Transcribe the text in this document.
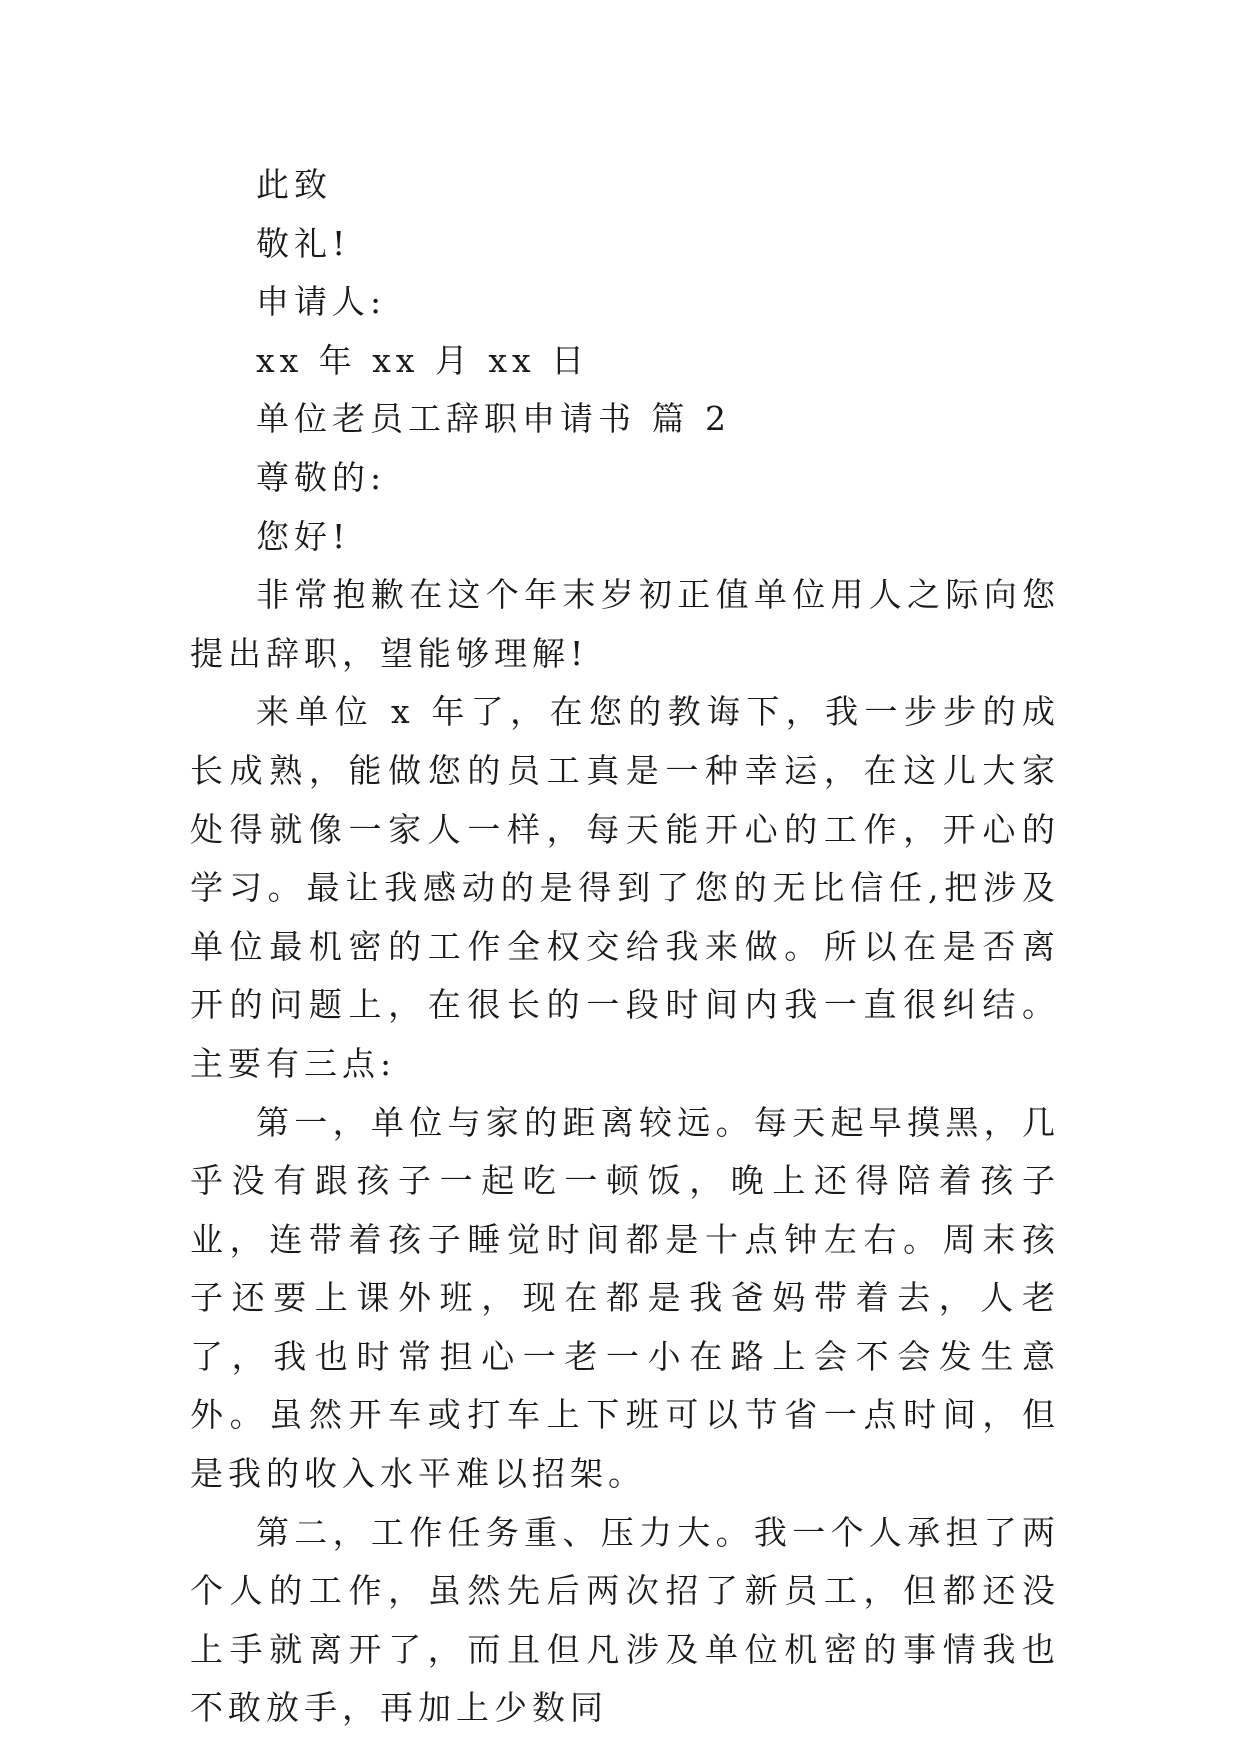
此致

敬礼!

申请人:

xx 年 xx 月 xx 日

单位老员工辞职申请书 篇 2

尊敬的:

您好!

非常抱歉在这个年末岁初正值单位用人之际向您提出辞职，望能够理解!

来单位 x 年了，在您的教诲下，我一步步的成长成熟，能做您的员工真是一种幸运，在这儿大家处得就像一家人一样，每天能开心的工作，开心的学习。最让我感动的是得到了您的无比信任,把涉及单位最机密的工作全权交给我来做。所以在是否离开的问题上，在很长的一段时间内我一直很纠结。主要有三点:

第一，单位与家的距离较远。每天起早摸黑，几乎没有跟孩子一起吃一顿饭，晚上还得陪着孩子业，连带着孩子睡觉时间都是十点钟左右。周末孩子还要上课外班，现在都是我爸妈带着去，人老了，我也时常担心一老一小在路上会不会发生意外。虽然开车或打车上下班可以节省一点时间，但是我的收入水平难以招架。

第二，工作任务重、压力大。我一个人承担了两个人的工作，虽然先后两次招了新员工，但都还没上手就离开了，而且但凡涉及单位机密的事情我也不敢放手，再加上少数同
